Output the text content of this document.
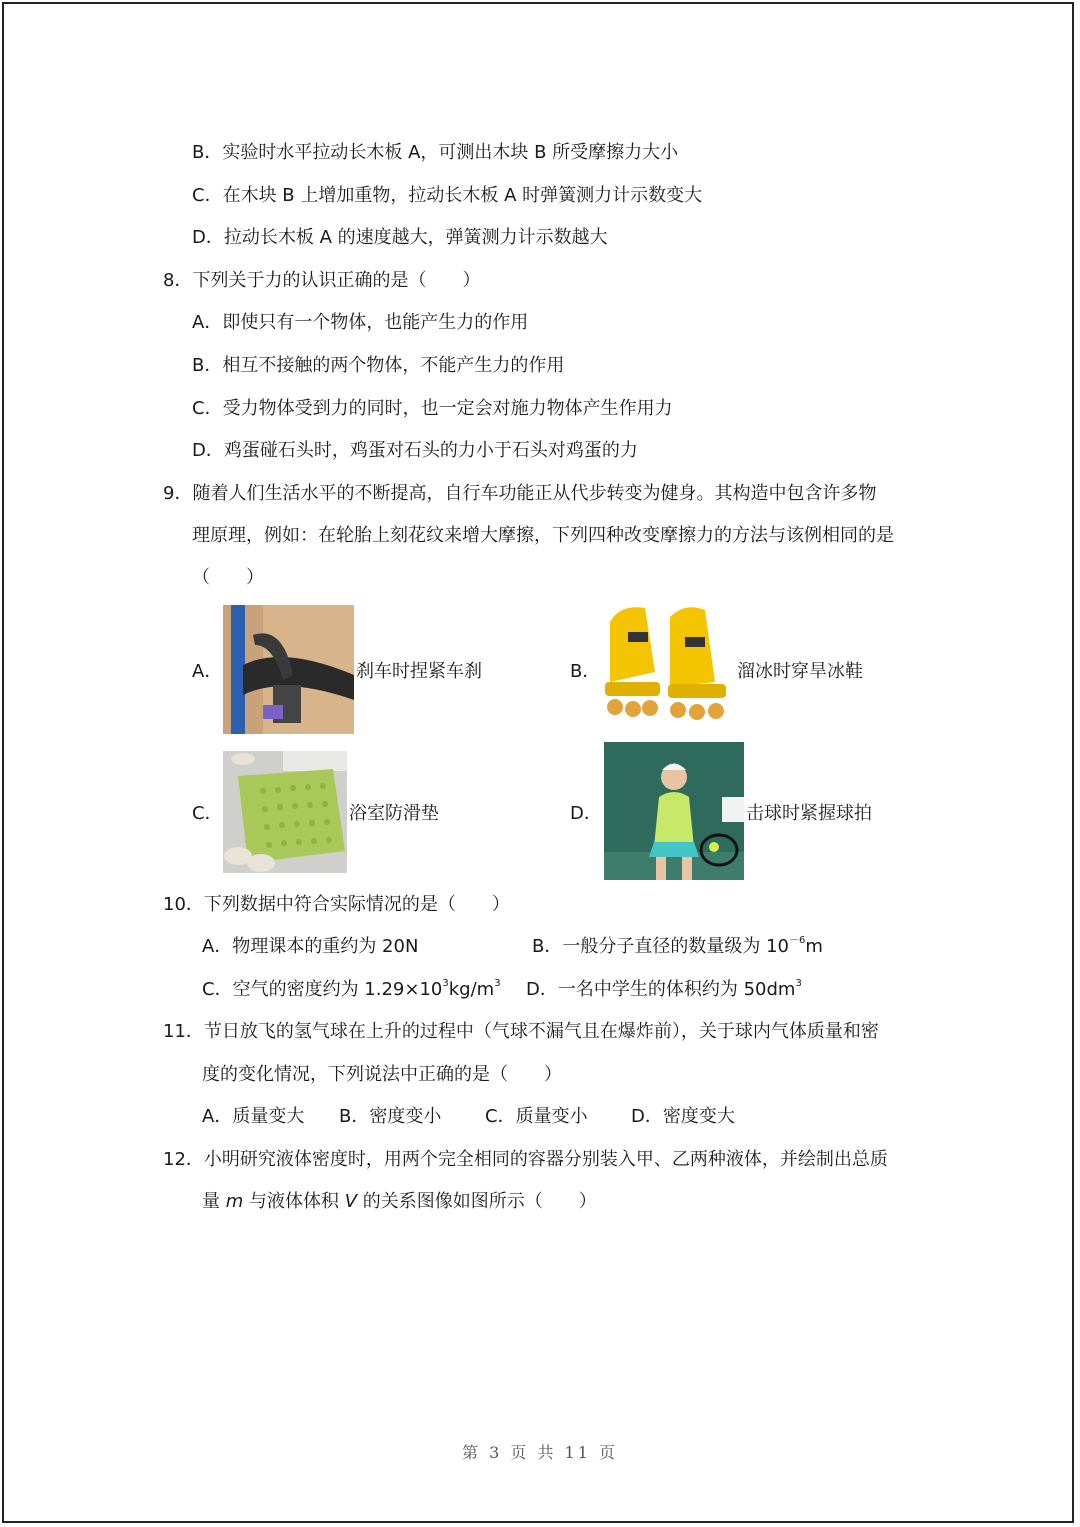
B．实验时水平拉动长木板 A，可测出木块 B 所受摩擦力大小
C．在木块 B 上增加重物，拉动长木板 A 时弹簧测力计示数变大
D．拉动长木板 A 的速度越大，弹簧测力计示数越大
8．下列关于力的认识正确的是（　　）
A．即使只有一个物体，也能产生力的作用
B．相互不接触的两个物体，不能产生力的作用
C．受力物体受到力的同时，也一定会对施力物体产生作用力
D．鸡蛋碰石头时，鸡蛋对石头的力小于石头对鸡蛋的力
9．随着人们生活水平的不断提高，自行车功能正从代步转变为健身。其构造中包含许多物
理原理，例如：在轮胎上刻花纹来增大摩擦，下列四种改变摩擦力的方法与该例相同的是
（　　）
A．	刹车时捏紧车刹	B．	溜冰时穿旱冰鞋
C．	浴室防滑垫	D．	击球时紧握球拍
10．下列数据中符合实际情况的是（　　）
A．物理课本的重约为 20N	B．一般分子直径的数量级为 $10^{-6}m$
C．空气的密度约为 $1.29\times 10^3kg/m^3$ D．一名中学生的体积约为 $50dm^3$
11．节日放飞的氢气球在上升的过程中（气球不漏气且在爆炸前），关于球内气体质量和密
度的变化情况，下列说法中正确的是（　　）
A．质量变大 B．密度变小 C．质量变小 D．密度变大
12．小明研究液体密度时，用两个完全相同的容器分别装入甲、乙两种液体，并绘制出总质
量 m 与液体体积 V 的关系图像如图所示（　　）
第 3 页 共 11 页
